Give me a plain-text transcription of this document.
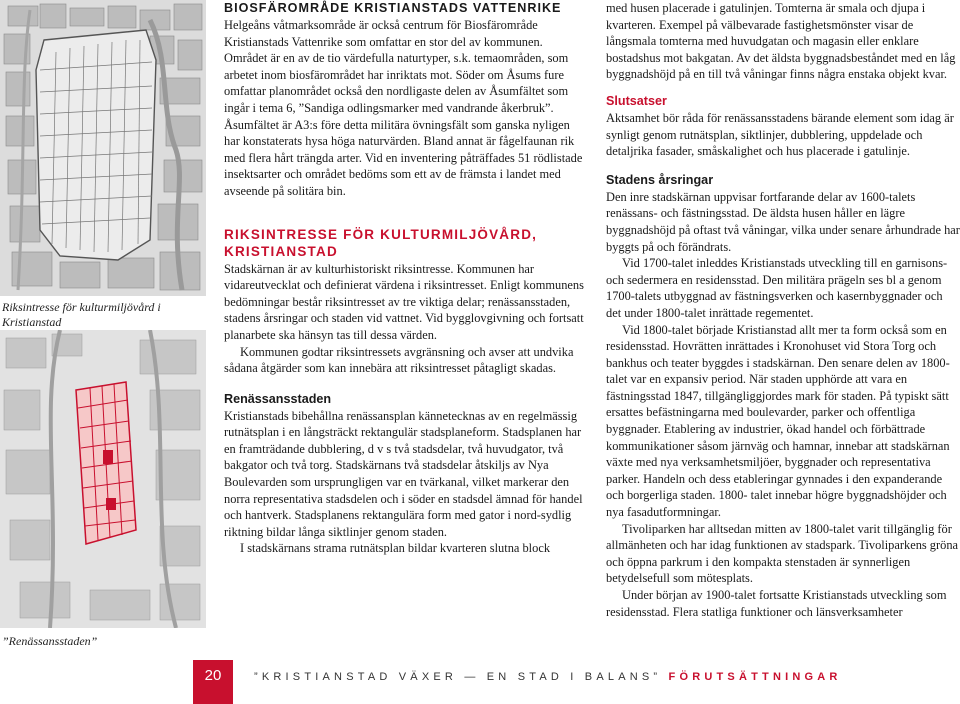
Riksintresse för kulturmiljövård i Kristianstad
”Renässansstaden”
BIOSFÄROMRÅDE KRISTIANSTADS VATTENRIKE

Helgeåns våtmarksområde är också centrum för Biosfärområde Kristianstads Vattenrike som omfattar en stor del av kommunen. Området är en av de tio värdefulla naturtyper, s.k. temaområden, som arbetet inom biosfärområdet har inriktats mot. Söder om Åsums fure omfattar planområdet också den nordligaste delen av Åsumfältet som ingår i tema 6, ”Sandiga odlingsmarker med vandrande åkerbruk”.

Åsumfältet är A3:s före detta militära övningsfält som ganska nyligen har konstaterats hysa höga naturvärden. Bland annat är fågelfaunan rik med flera hårt trängda arter. Vid en inventering påträffades 51 rödlistade insektsarter och området bedöms som ett av de främsta i landet med avseende på solitära bin.

RIKSINTRESSE FÖR KULTURMILJÖVÅRD, KRISTIANSTAD

Stadskärnan är av kulturhistoriskt riksintresse. Kommunen har vidareutvecklat och definierat värdena i riksintresset. Enligt kommunens bedömningar består riksintresset av tre viktiga delar; renässansstaden, stadens årsringar och staden vid vattnet. Vid bygglovgivning och fortsatt planarbete ska hänsyn tas till dessa värden.

Kommunen godtar riksintressets avgränsning och avser att undvika sådana åtgärder som kan innebära att riksintresset påtagligt skadas.

Renässansstaden

Kristianstads bibehållna renässansplan kännetecknas av en regelmässig rutnätsplan i en långsträckt rektangulär stadsplaneform. Stadsplanen har en framträdande dubblering, d v s två stadsdelar, två huvudgator, två bakgator och två torg. Stadskärnans två stadsdelar åtskiljs av Nya Boulevarden som ursprungligen var en tvärkanal, vilket markerar den norra representativa stadsdelen och i söder en stadsdel ämnad för handel och hantverk. Stadsplanens rektangulära form med gator i nord-sydlig riktning bildar långa siktlinjer genom staden.

I stadskärnans strama rutnätsplan bildar kvarteren slutna block

med husen placerade i gatulinjen. Tomterna är smala och djupa i kvarteren. Exempel på välbevarade fastighetsmönster visar de långsmala tomterna med huvudgatan och magasin eller enklare bostadshus mot bakgatan. Av det äldsta byggnadsbeståndet med en låg byggnadshöjd på en till två våningar finns några enstaka objekt kvar.

Slutsatser

Aktsamhet bör råda för renässansstadens bärande element som idag är synligt genom rutnätsplan, siktlinjer, dubblering, uppdelade och detaljrika fasader, småskalighet och hus placerade i gatulinje.

Stadens årsringar

Den inre stadskärnan uppvisar fortfarande delar av 1600-talets renässans- och fästningsstad. De äldsta husen håller en lägre byggnadshöjd på oftast två våningar, vilka under senare århundrade har byggts på och förändrats.

Vid 1700-talet inleddes Kristianstads utveckling till en garnisons- och sedermera en residensstad. Den militära prägeln ses bl a genom 1700-talets utbyggnad av fästningsverken och kasernbyggnader och det under 1800-talet inrättade regementet.

Vid 1800-talet började Kristianstad allt mer ta form också som en residensstad. Hovrätten inrättades i Kronohuset vid Stora Torg och bankhus och teater byggdes i stadskärnan. Den senare delen av 1800-talet var en expansiv period. När staden upphörde att vara en fästningsstad 1847, tillgängliggjordes mark för staden. På typiskt sätt ersattes befästningarna med boulevarder, parker och offentliga byggnader. Etablering av industrier, ökad handel och förbättrade kommunikationer såsom järnväg och hamnar, innebar att stadskärnan växte med nya verksamhetsmiljöer, byggnader och representativa parker. Handeln och dess etableringar gynnades i den expanderande och borgerliga staden. 1800- talet innebar högre byggnadshöjder och nya fasadutformningar.

Tivoliparken har alltsedan mitten av 1800-talet varit tillgänglig för allmänheten och har idag funktionen av stadspark. Tivoliparkens gröna och öppna parkrum i den kompakta stenstaden är synnerligen betydelsefull som mötesplats.

Under början av 1900-talet fortsatte Kristianstads utveckling som residensstad. Flera statliga funktioner och länsverksamheter

20	”KRISTIANSTAD VÄXER — EN STAD I BALANS” FÖRUTSÄTTNINGAR
